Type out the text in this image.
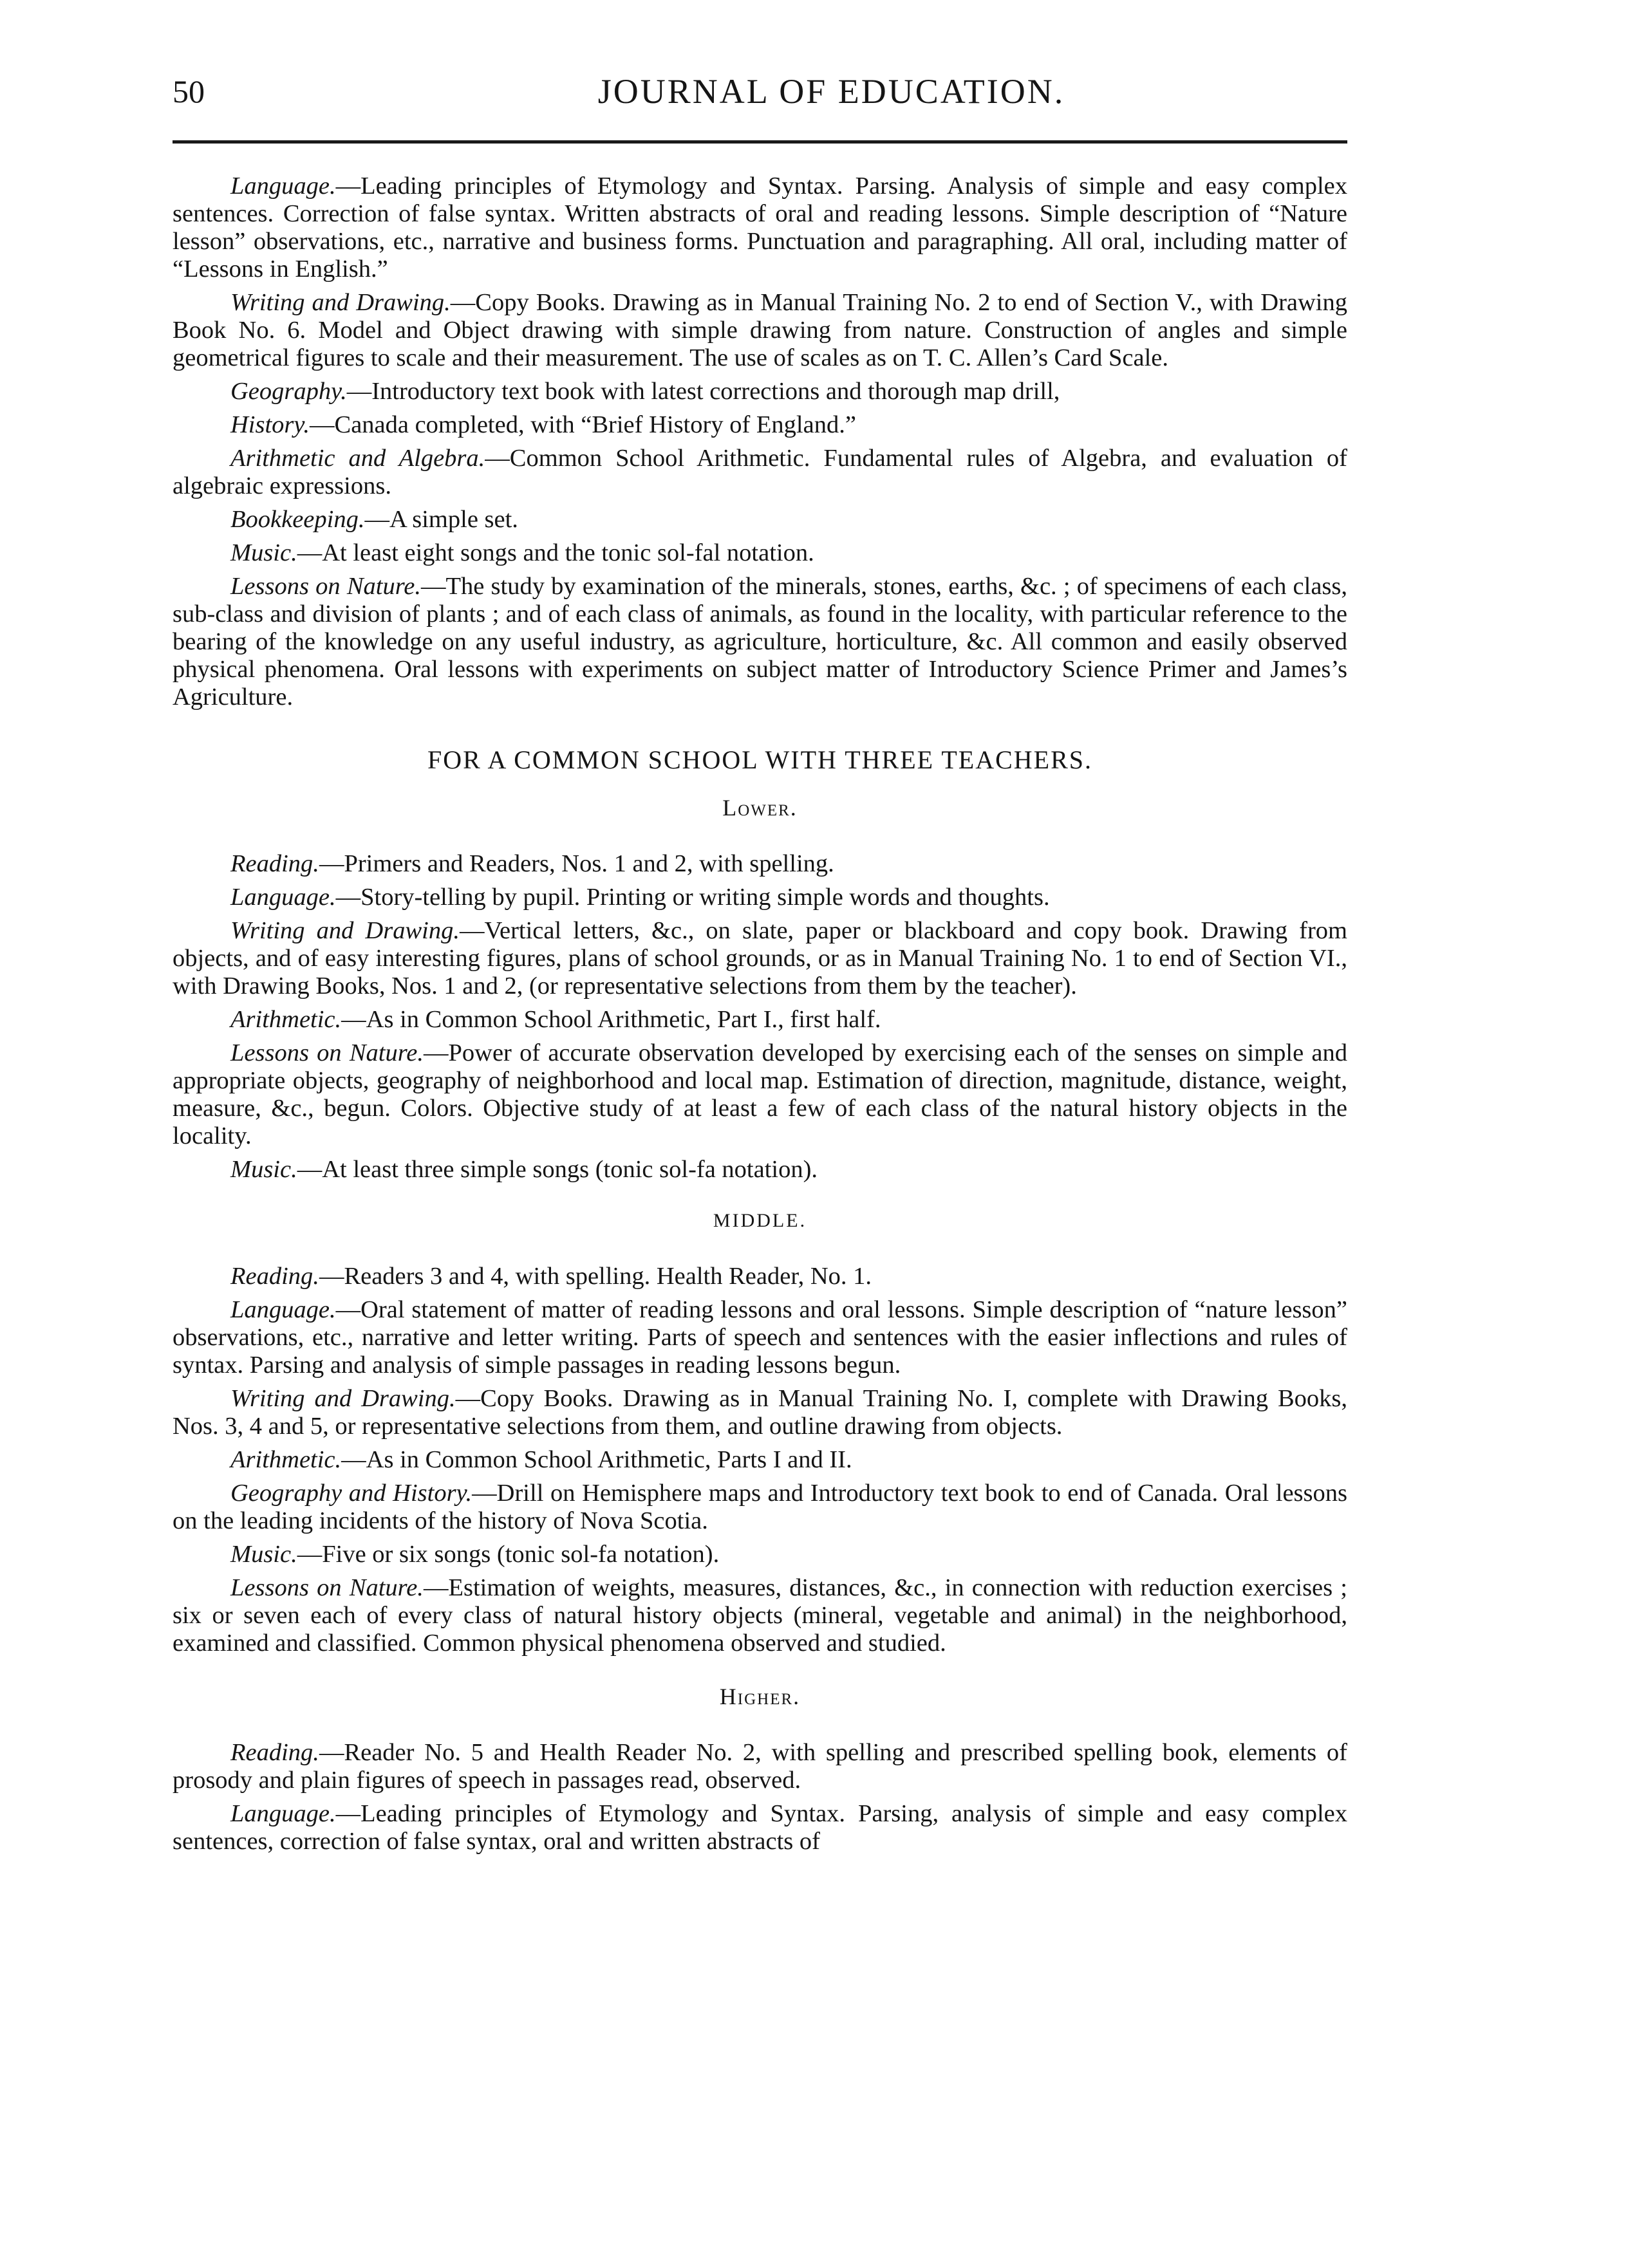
50	JOURNAL OF EDUCATION.

Language.—Leading principles of Etymology and Syntax. Parsing. Analysis of simple and easy complex sentences. Correction of false syntax. Written abstracts of oral and reading lessons. Simple description of “Nature lesson” observations, etc., narrative and business forms. Punctuation and paragraphing. All oral, including matter of “Lessons in English.”

Writing and Drawing.—Copy Books. Drawing as in Manual Training No. 2 to end of Section V., with Drawing Book No. 6. Model and Object drawing with simple drawing from nature. Construction of angles and simple geometrical figures to scale and their measurement. The use of scales as on T. C. Allen’s Card Scale.

Geography.—Introductory text book with latest corrections and thorough map drill,

History.—Canada completed, with “Brief History of England.”

Arithmetic and Algebra.—Common School Arithmetic. Fundamental rules of Algebra, and evaluation of algebraic expressions.

Bookkeeping.—A simple set.

Music.—At least eight songs and the tonic sol-fal notation.

Lessons on Nature.—The study by examination of the minerals, stones, earths, &c. ; of specimens of each class, sub-class and division of plants ; and of each class of animals, as found in the locality, with particular reference to the bearing of the knowledge on any useful industry, as agriculture, horticulture, &c. All common and easily observed physical phenomena. Oral lessons with experiments on subject matter of Introductory Science Primer and James’s Agriculture.

FOR A COMMON SCHOOL WITH THREE TEACHERS.
Lower.

Reading.—Primers and Readers, Nos. 1 and 2, with spelling.

Language.—Story-telling by pupil. Printing or writing simple words and thoughts.

Writing and Drawing.—Vertical letters, &c., on slate, paper or blackboard and copy book. Drawing from objects, and of easy interesting figures, plans of school grounds, or as in Manual Training No. 1 to end of Section VI., with Drawing Books, Nos. 1 and 2, (or representative selections from them by the teacher).

Arithmetic.—As in Common School Arithmetic, Part I., first half.

Lessons on Nature.—Power of accurate observation developed by exercising each of the senses on simple and appropriate objects, geography of neighborhood and local map. Estimation of direction, magnitude, distance, weight, measure, &c., begun. Colors. Objective study of at least a few of each class of the natural history objects in the locality.

Music.—At least three simple songs (tonic sol-fa notation).

MIDDLE.

Reading.—Readers 3 and 4, with spelling. Health Reader, No. 1.

Language.—Oral statement of matter of reading lessons and oral lessons. Simple description of “nature lesson” observations, etc., narrative and letter writing. Parts of speech and sentences with the easier inflections and rules of syntax. Parsing and analysis of simple passages in reading lessons begun.

Writing and Drawing.—Copy Books. Drawing as in Manual Training No. I, complete with Drawing Books, Nos. 3, 4 and 5, or representative selections from them, and outline drawing from objects.

Arithmetic.—As in Common School Arithmetic, Parts I and II.

Geography and History.—Drill on Hemisphere maps and Introductory text book to end of Canada. Oral lessons on the leading incidents of the history of Nova Scotia.

Music.—Five or six songs (tonic sol-fa notation).

Lessons on Nature.—Estimation of weights, measures, distances, &c., in connection with reduction exercises ; six or seven each of every class of natural history objects (mineral, vegetable and animal) in the neighborhood, examined and classified. Common physical phenomena observed and studied.

Higher.

Reading.—Reader No. 5 and Health Reader No. 2, with spelling and prescribed spelling book, elements of prosody and plain figures of speech in passages read, observed.

Language.—Leading principles of Etymology and Syntax. Parsing, analysis of simple and easy complex sentences, correction of false syntax, oral and written abstracts of
